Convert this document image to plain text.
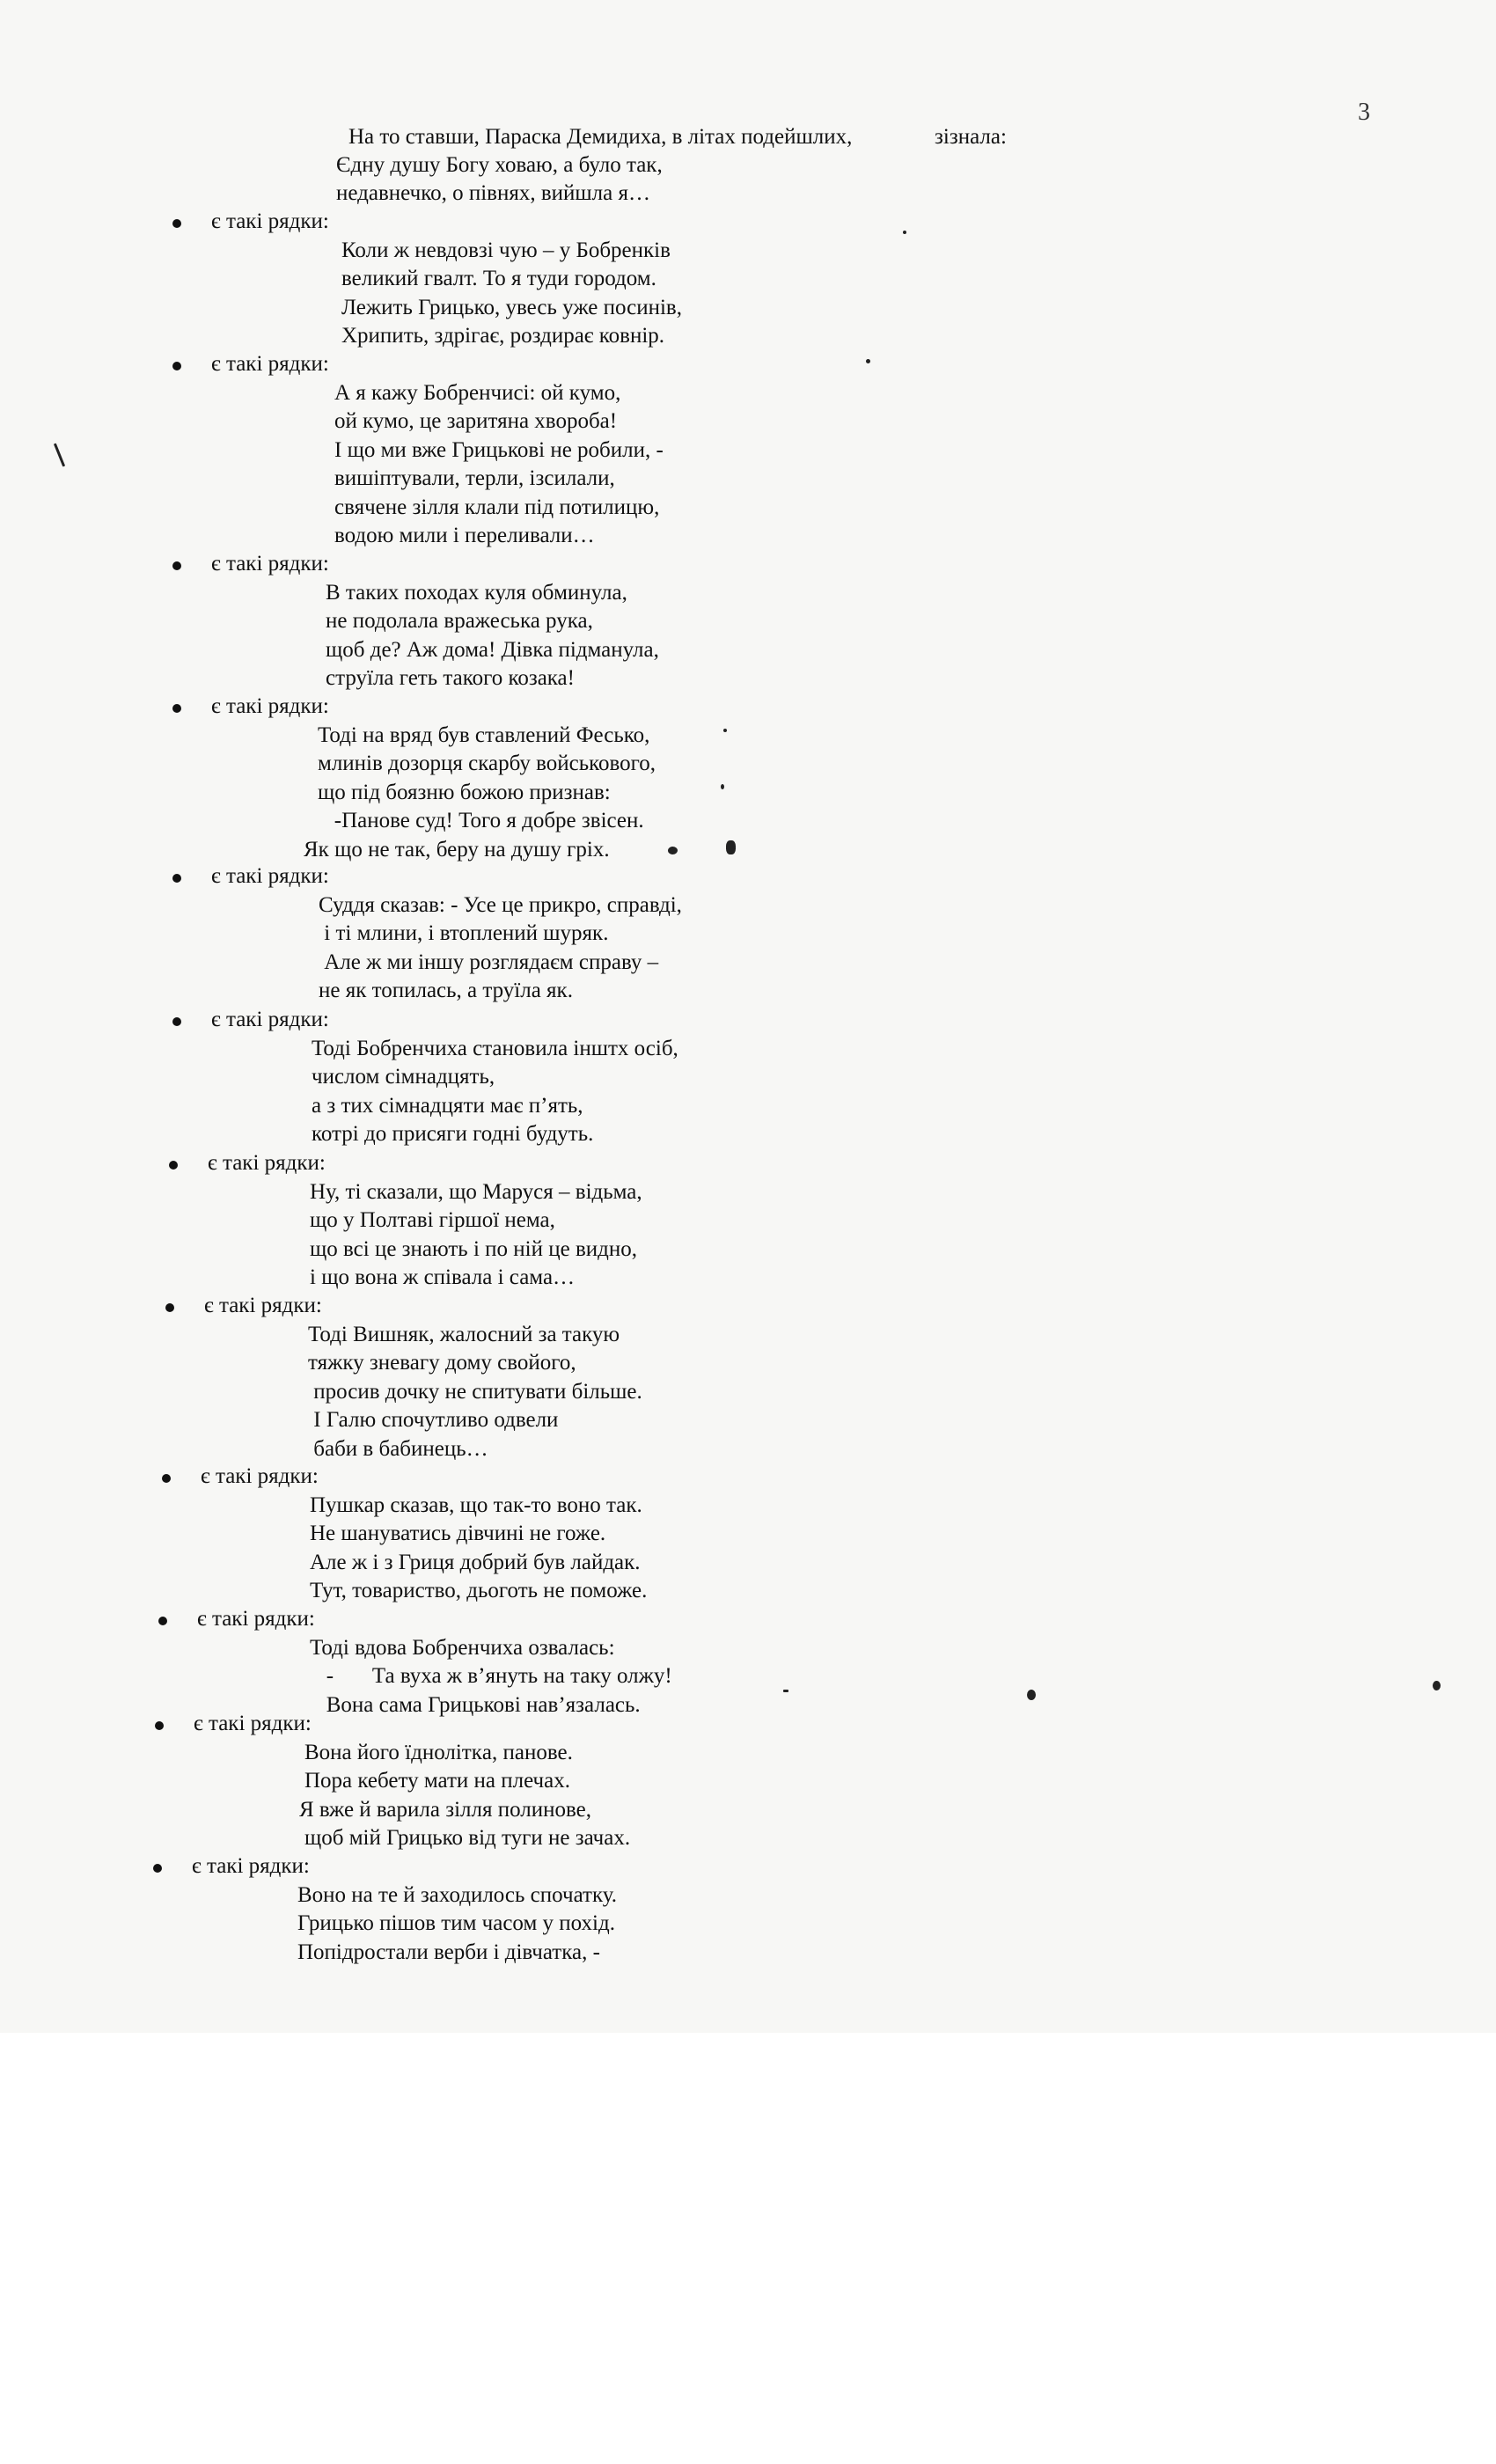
3
На то ставши, Параска Демидиха, в літах подейшлих,	зізнала:
Єдну душу Богу ховаю, а було так,
недавнечко, о півнях, вийшла я…
є такі рядки:
Коли ж невдовзі чую – у Бобренків
великий гвалт. То я туди городом.
Лежить Грицько, увесь уже посинів,
Хрипить, здрігає, роздирає ковнір.
є такі рядки:
А я кажу Бобренчисі: ой кумо,
ой кумо, це заритяна хвороба!
І що ми вже Грицькові не робили, -
вишіптували, терли, ізсилали,
свячене зілля клали під потилицю,
водою мили і переливали…
є такі рядки:
В таких походах куля обминула,
не подолала вражеська рука,
щоб де? Аж дома! Дівка підманула,
струїла геть такого козака!
є такі рядки:
Тоді на вряд був ставлений Фесько,
млинів дозорця скарбу войськового,
що під боязню божою признав:
-Панове суд! Того я добре звісен.
Як що не так, беру на душу гріх.
є такі рядки:
Суддя сказав: - Усе це прикро, справді,
і ті млини, і втоплений шуряк.
Але ж ми іншу розглядаєм справу –
не як топилась, а труїла як.
є такі рядки:
Тоді Бобренчиха становила інштх осіб,
числом сімнадцять,
а з тих сімнадцяти має п’ять,
котрі до присяги годні будуть.
є такі рядки:
Ну, ті сказали, що Маруся – відьма,
що у Полтаві гіршої нема,
що всі це знають і по ній це видно,
і що вона ж співала і сама…
є такі рядки:
Тоді Вишняк, жалосний за такую
тяжку зневагу дому свойого,
просив дочку не спитувати більше.
І Галю спочутливо одвели
баби в бабинець…
є такі рядки:
Пушкар сказав, що так-то воно так.
Не шануватись дівчині не гоже.
Але ж і з Гриця добрий був лайдак.
Тут, товариство, дьоготь не поможе.
є такі рядки:
Тоді вдова Бобренчиха озвалась:
-       Та вуха ж в’януть на таку олжу!
Вона сама Грицькові нав’язалась.
є такі рядки:
Вона його їдноліткa, панове.
Пора кебету мати на плечах.
Я вже й варила зілля полинове,
щоб мій Грицько від туги не зачах.
є такі рядки:
Воно на те й заходилось спочатку.
Грицько пішов тим часом у похід.
Попідростали верби і дівчатка, -
